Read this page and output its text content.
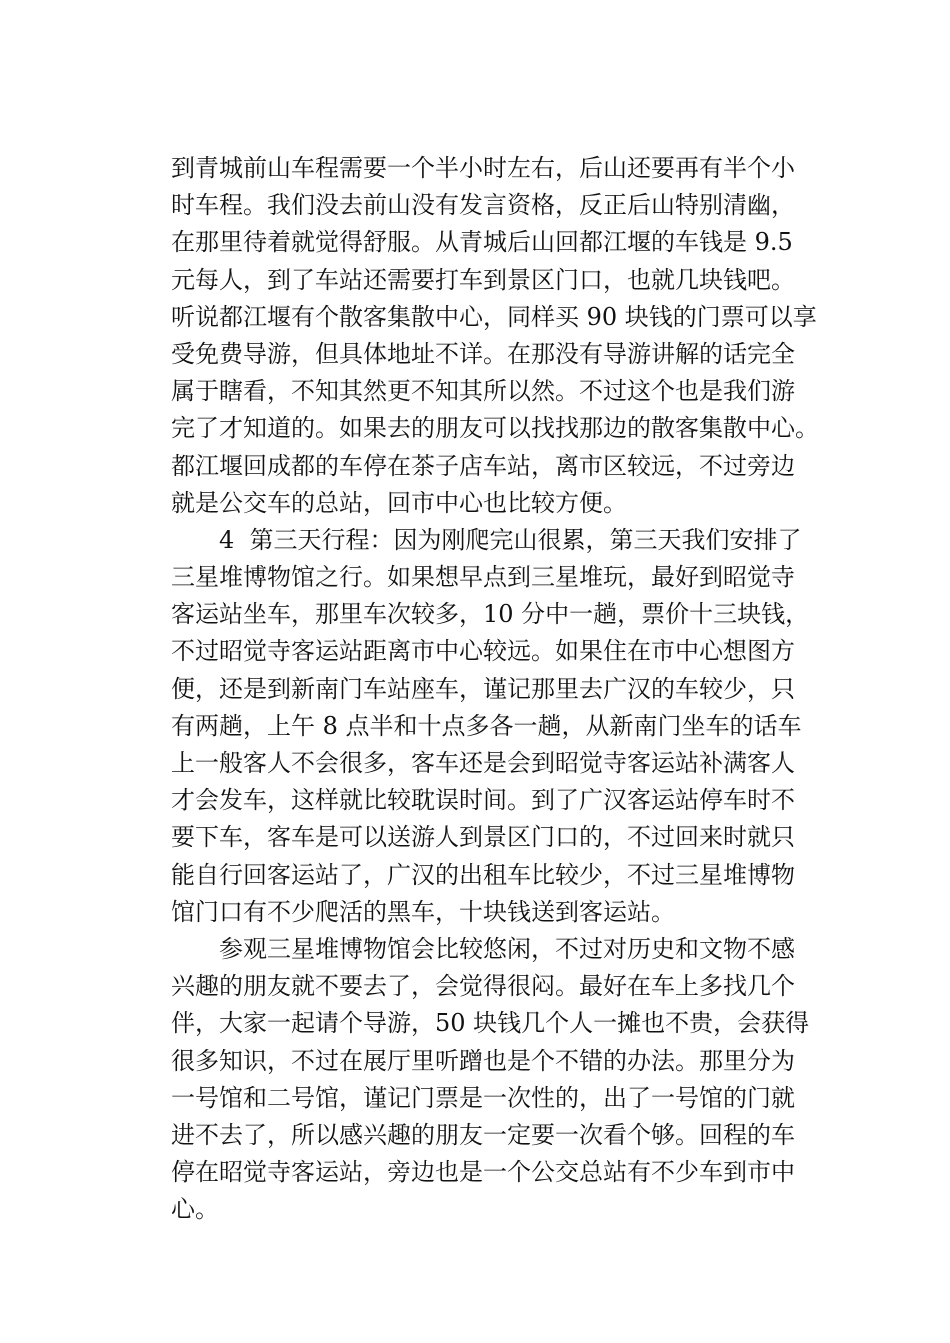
到青城前山车程需要一个半小时左右，后山还要再有半个小
时车程。我们没去前山没有发言资格，反正后山特别清幽，
在那里待着就觉得舒服。从青城后山回都江堰的车钱是 9.5
元每人，到了车站还需要打车到景区门口，也就几块钱吧。
听说都江堰有个散客集散中心，同样买 90 块钱的门票可以享
受免费导游，但具体地址不详。在那没有导游讲解的话完全
属于瞎看，不知其然更不知其所以然。不过这个也是我们游
完了才知道的。如果去的朋友可以找找那边的散客集散中心。
都江堰回成都的车停在茶子店车站，离市区较远，不过旁边
就是公交车的总站，回市中心也比较方便。
4  第三天行程：因为刚爬完山很累，第三天我们安排了
三星堆博物馆之行。如果想早点到三星堆玩，最好到昭觉寺
客运站坐车，那里车次较多，10 分中一趟，票价十三块钱，
不过昭觉寺客运站距离市中心较远。如果住在市中心想图方
便，还是到新南门车站座车，谨记那里去广汉的车较少，只
有两趟，上午 8 点半和十点多各一趟，从新南门坐车的话车
上一般客人不会很多，客车还是会到昭觉寺客运站补满客人
才会发车，这样就比较耽误时间。到了广汉客运站停车时不
要下车，客车是可以送游人到景区门口的，不过回来时就只
能自行回客运站了，广汉的出租车比较少，不过三星堆博物
馆门口有不少爬活的黑车，十块钱送到客运站。
参观三星堆博物馆会比较悠闲，不过对历史和文物不感
兴趣的朋友就不要去了，会觉得很闷。最好在车上多找几个
伴，大家一起请个导游，50 块钱几个人一摊也不贵，会获得
很多知识，不过在展厅里听蹭也是个不错的办法。那里分为
一号馆和二号馆，谨记门票是一次性的，出了一号馆的门就
进不去了，所以感兴趣的朋友一定要一次看个够。回程的车
停在昭觉寺客运站，旁边也是一个公交总站有不少车到市中
心。
